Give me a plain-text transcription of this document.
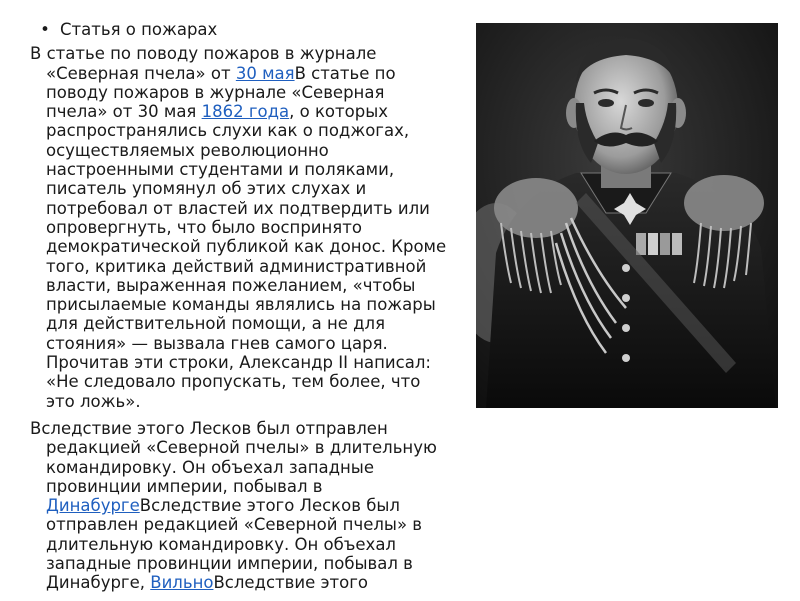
• Статья о пожарах

В статье по поводу пожаров в журнале «Северная пчела» от 30 маяВ статье по поводу пожаров в журнале «Северная пчела» от 30 мая 1862 года, о которых распространялись слухи как о поджогах, осуществляемых революционно настроенными студентами и поляками, писатель упомянул об этих слухах и потребовал от властей их подтвердить или опровергнуть, что было воспринято демократической публикой как донос. Кроме того, критика действий административной власти, выраженная пожеланием, «чтобы присылаемые команды являлись на пожары для действительной помощи, а не для стояния» — вызвала гнев самого царя. Прочитав эти строки, Александр II написал: «Не следовало пропускать, тем более, что это ложь».

Вследствие этого Лесков был отправлен редакцией «Северной пчелы» в длительную командировку. Он объехал западные провинции империи, побывал в ДинабургеВследствие этого Лесков был отправлен редакцией «Северной пчелы» в длительную командировку. Он объехал западные провинции империи, побывал в Динабурге, ВильноВследствие этого
